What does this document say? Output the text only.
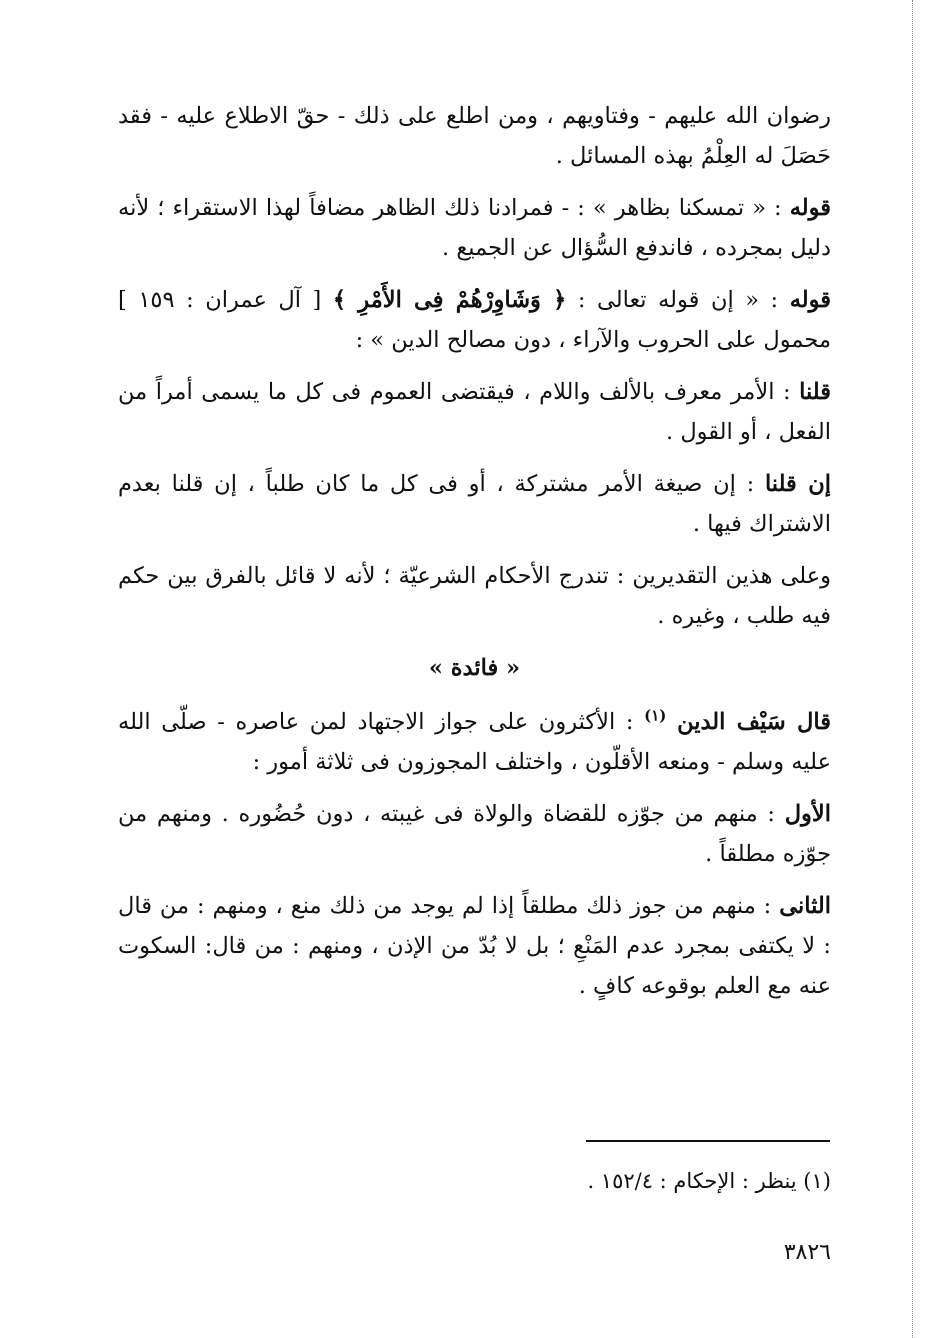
رضوان الله عليهم - وفتاويهم ، ومن اطلع على ذلك - حقّ الاطلاع عليه - فقد حَصَلَ له العِلْمُ بهذه المسائل .

قوله : « تمسكنا بظاهر » : - فمرادنا ذلك الظاهر مضافاً لهذا الاستقراء ؛ لأنه دليل بمجرده ، فاندفع السُّؤال عن الجميع .

قوله : « إن قوله تعالى : ﴿ وَشَاوِرْهُمْ فِى الأَمْرِ ﴾ [ آل عمران : ١٥٩ ] محمول على الحروب والآراء ، دون مصالح الدين » :

قلنا : الأمر معرف بالألف واللام ، فيقتضى العموم فى كل ما يسمى أمراً من الفعل ، أو القول .

إن قلنا : إن صيغة الأمر مشتركة ، أو فى كل ما كان طلباً ، إن قلنا بعدم الاشتراك فيها .

وعلى هذين التقديرين : تندرج الأحكام الشرعيّة ؛ لأنه لا قائل بالفرق بين حكم فيه طلب ، وغيره .

« فائدة »

قال سَيْف الدين $^{(١)}$ : الأكثرون على جواز الاجتهاد لمن عاصره - صلّى الله عليه وسلم - ومنعه الأقلّون ، واختلف المجوزون فى ثلاثة أمور :

الأول : منهم من جوّزه للقضاة والولاة فى غيبته ، دون حُضُوره . ومنهم من جوّزه مطلقاً .

الثانى : منهم من جوز ذلك مطلقاً إذا لم يوجد من ذلك منع ، ومنهم : من قال : لا يكتفى بمجرد عدم المَنْعِ ؛ بل لا بُدّ من الإذن ، ومنهم : من قال: السكوت عنه مع العلم بوقوعه كافٍ .

(١) ينظر : الإحكام : ١٥٢/٤ .
٣٨٢٦
